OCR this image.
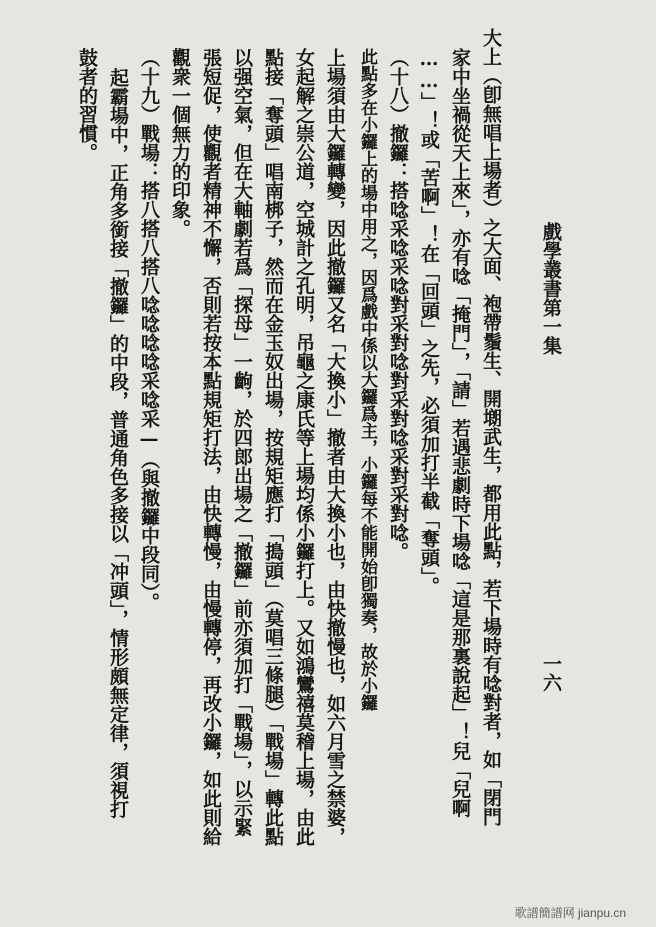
戲學叢書第一集
一六
大上（卽無唱上場者）之大面、袍帶鬚生、開㙟武生，都用此點，若下場時有唸對者，如「閉門
家中坐禍從天上來」，亦有唸「掩門」，「請」若遇悲劇時下場唸「這是那裏說起」！兒「兒啊
……」！或「苦啊」！在「回頭」之先，必須加打半截「奪頭」。
（十八）撤鑼：搭唸采唸采唸對采對唸對采對唸采對采對唸。
此點多在小鑼上的場中用之，因爲戲中係以大鑼爲主，小鑼每不能開始卽獨奏，故於小鑼
上場須由大鑼轉變，因此撤鑼又名「大換小」撤者由大換小也，由快撤慢也，如六月雪之禁婆，
女起解之崇公道，空城計之孔明，吊龜之康氏等上場均係小鑼打上。又如鴻鸞禧莫稽上場，由此
點接「奪頭」唱南梆子，然而在金玉奴出場，按規矩應打「搗頭」（莫唱三條腿）「戰場」轉此點
以强空氣，但在大軸劇若爲「探母」一齣，於四郎出場之「撤鑼」前亦須加打「戰場」，以示緊
張短促，使觀者精神不懈，否則若按本點規矩打法，由快轉慢，由慢轉停，再改小鑼，如此則給
觀衆一個無力的印象。
（十九）戰場：搭八搭八搭八唸唸唸唸采唸采—（與撤鑼中段同）。
起霸場中，正角多銜接「撤鑼」的中段，普通角色多接以「冲頭」，情形頗無定律，須視打
鼓者的習慣。
歌譜簡譜网 jianpu.cn
